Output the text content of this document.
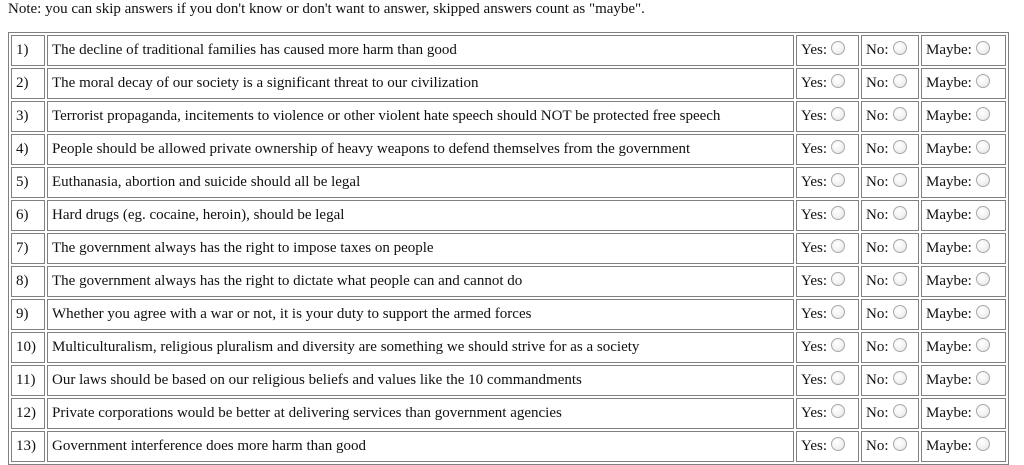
Note: you can skip answers if you don't know or don't want to answer, skipped answers count as "maybe".
1)	The decline of traditional families has caused more harm than good	Yes:	No:	Maybe:

2)	The moral decay of our society is a significant threat to our civilization	Yes:	No:	Maybe:

3)	Terrorist propaganda, incitements to violence or other violent hate speech should NOT be protected free speech	Yes:	No:	Maybe:

4)	People should be allowed private ownership of heavy weapons to defend themselves from the government	Yes:	No:	Maybe:

5)	Euthanasia, abortion and suicide should all be legal	Yes:	No:	Maybe:

6)	Hard drugs (eg. cocaine, heroin), should be legal	Yes:	No:	Maybe:

7)	The government always has the right to impose taxes on people	Yes:	No:	Maybe:

8)	The government always has the right to dictate what people can and cannot do	Yes:	No:	Maybe:

9)	Whether you agree with a war or not, it is your duty to support the armed forces	Yes:	No:	Maybe:

10)	Multiculturalism, religious pluralism and diversity are something we should strive for as a society	Yes:	No:	Maybe:

11)	Our laws should be based on our religious beliefs and values like the 10 commandments	Yes:	No:	Maybe:

12)	Private corporations would be better at delivering services than government agencies	Yes:	No:	Maybe:

13)	Government interference does more harm than good	Yes:	No:	Maybe:
